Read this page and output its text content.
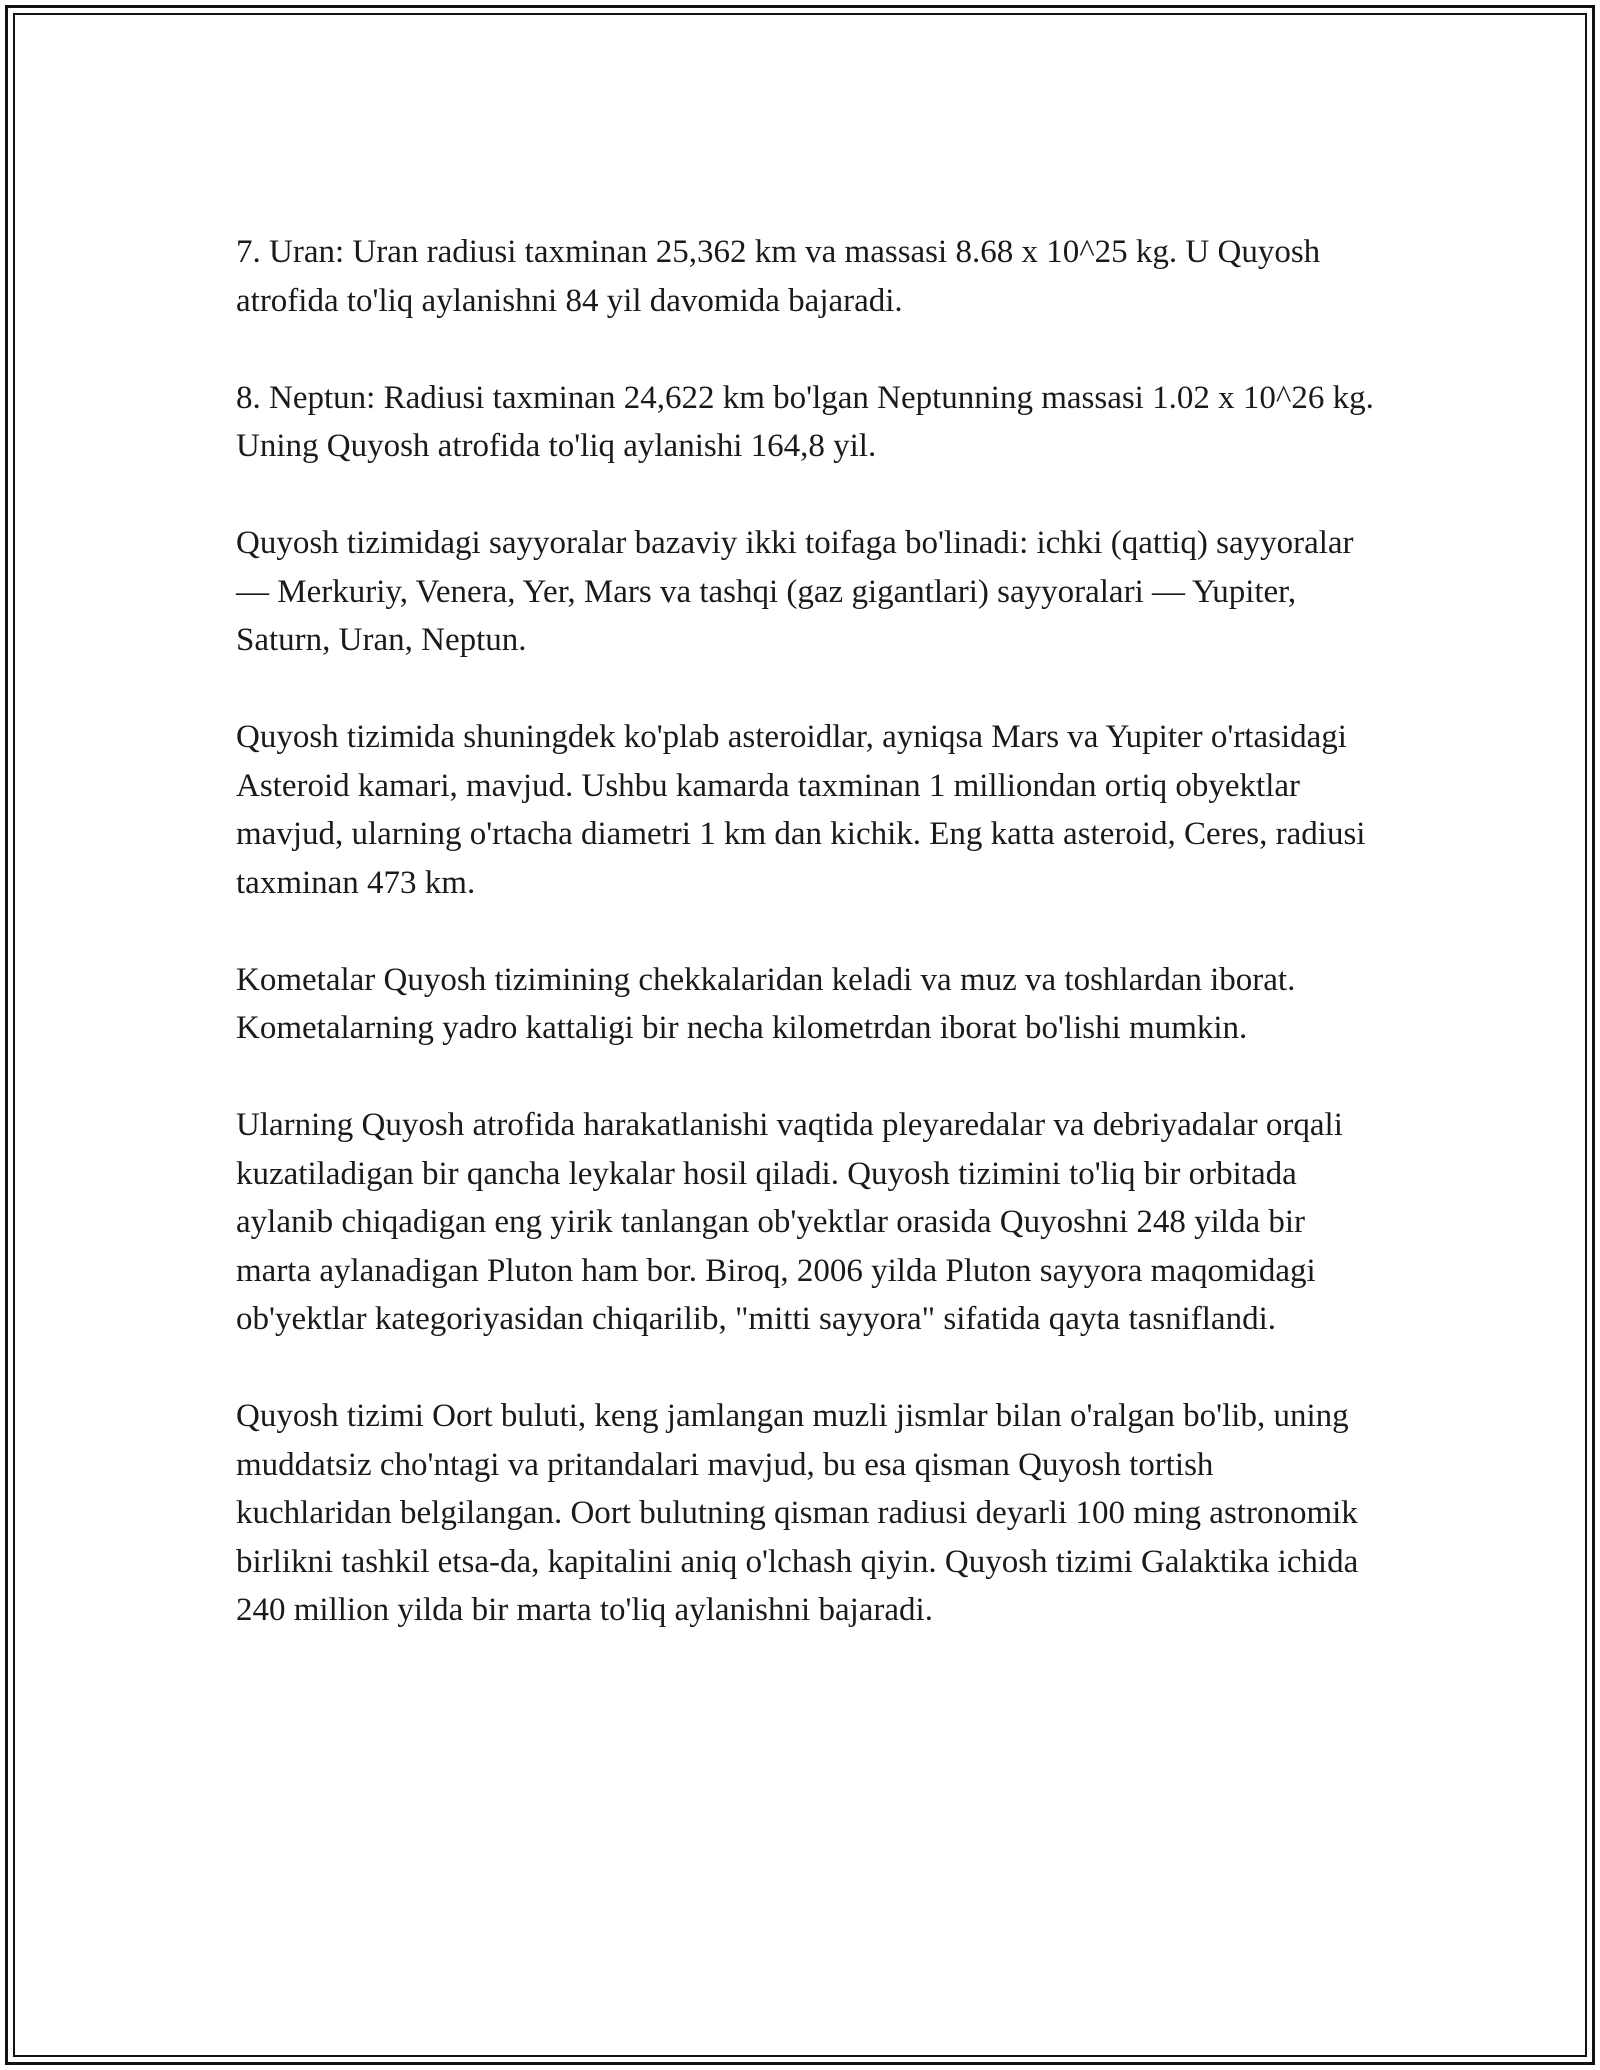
7. Uran: Uran radiusi taxminan 25,362 km va massasi 8.68 x 10^25 kg. U Quyosh atrofida to'liq aylanishni 84 yil davomida bajaradi.

8. Neptun: Radiusi taxminan 24,622 km bo'lgan Neptunning massasi 1.02 x 10^26 kg. Uning Quyosh atrofida to'liq aylanishi 164,8 yil.

Quyosh tizimidagi sayyoralar bazaviy ikki toifaga bo'linadi: ichki (qattiq) sayyoralar — Merkuriy, Venera, Yer, Mars va tashqi (gaz gigantlari) sayyoralari — Yupiter, Saturn, Uran, Neptun.

Quyosh tizimida shuningdek ko'plab asteroidlar, ayniqsa Mars va Yupiter o'rtasidagi Asteroid kamari, mavjud. Ushbu kamarda taxminan 1 milliondan ortiq obyektlar mavjud, ularning o'rtacha diametri 1 km dan kichik. Eng katta asteroid, Ceres, radiusi taxminan 473 km.

Kometalar Quyosh tizimining chekkalaridan keladi va muz va toshlardan iborat. Kometalarning yadro kattaligi bir necha kilometrdan iborat bo'lishi mumkin.

Ularning Quyosh atrofida harakatlanishi vaqtida pleyaredalar va debriyadalar orqali kuzatiladigan bir qancha leykalar hosil qiladi. Quyosh tizimini to'liq bir orbitada aylanib chiqadigan eng yirik tanlangan ob'yektlar orasida Quyoshni 248 yilda bir marta aylanadigan Pluton ham bor. Biroq, 2006 yilda Pluton sayyora maqomidagi ob'yektlar kategoriyasidan chiqarilib, "mitti sayyora" sifatida qayta tasniflandi.

Quyosh tizimi Oort buluti, keng jamlangan muzli jismlar bilan o'ralgan bo'lib, uning muddatsiz cho'ntagi va pritandalari mavjud, bu esa qisman Quyosh tortish kuchlaridan belgilangan. Oort bulutning qisman radiusi deyarli 100 ming astronomik birlikni tashkil etsa-da, kapitalini aniq o'lchash qiyin. Quyosh tizimi Galaktika ichida 240 million yilda bir marta to'liq aylanishni bajaradi.
